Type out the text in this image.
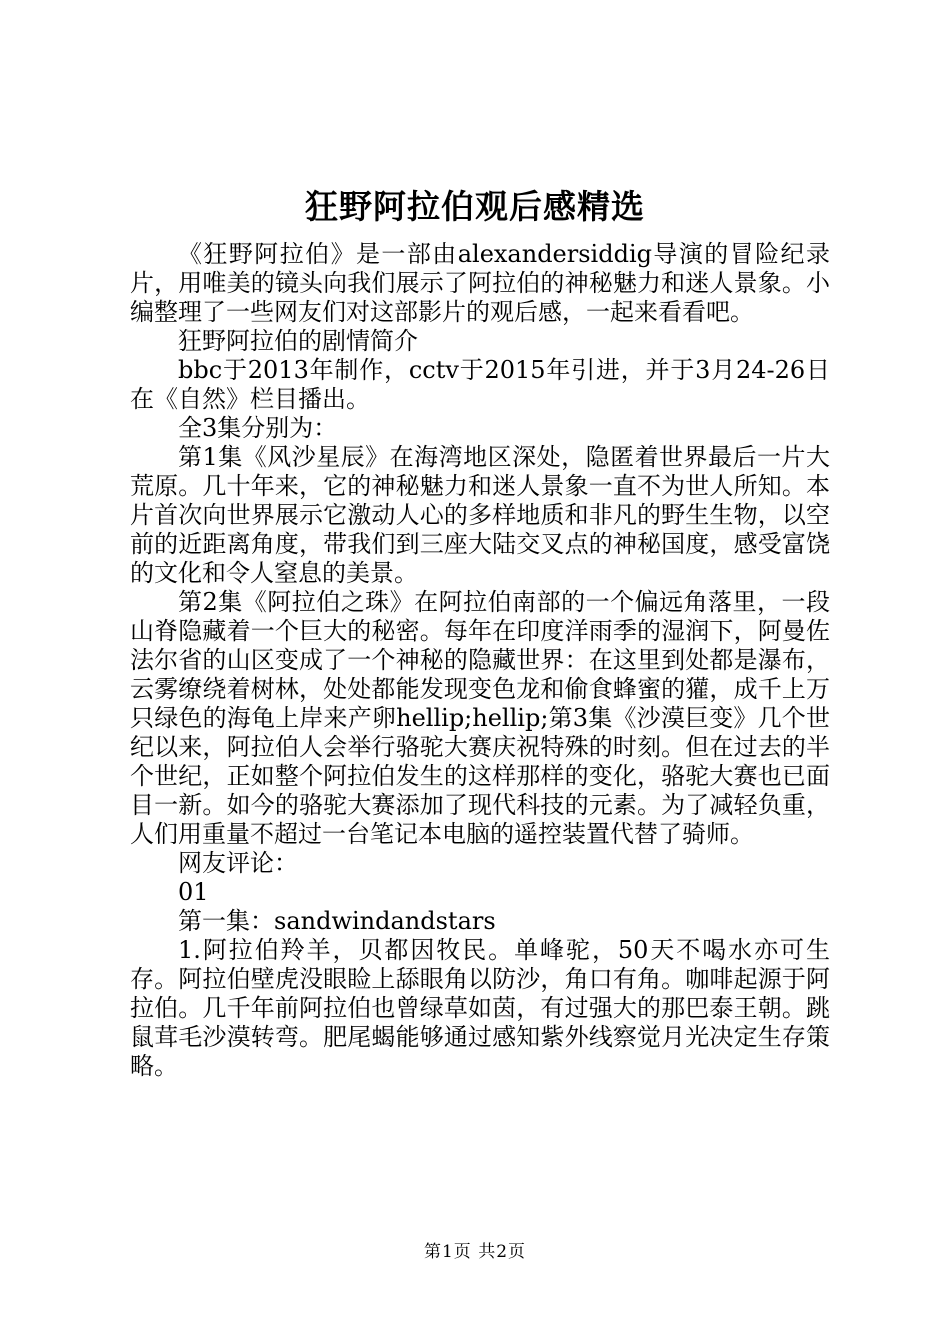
狂野阿拉伯观后感精选

《狂野阿拉伯》是一部由alexandersiddig导演的冒险纪录片，用唯美的镜头向我们展示了阿拉伯的神秘魅力和迷人景象。小编整理了一些网友们对这部影片的观后感，一起来看看吧。

狂野阿拉伯的剧情简介

bbc于2013年制作，cctv于2015年引进，并于3月24-26日在《自然》栏目播出。

全3集分别为：

第1集《风沙星辰》在海湾地区深处，隐匿着世界最后一片大荒原。几十年来，它的神秘魅力和迷人景象一直不为世人所知。本片首次向世界展示它激动人心的多样地质和非凡的野生生物，以空前的近距离角度，带我们到三座大陆交叉点的神秘国度，感受富饶的文化和令人窒息的美景。

第2集《阿拉伯之珠》在阿拉伯南部的一个偏远角落里，一段山脊隐藏着一个巨大的秘密。每年在印度洋雨季的湿润下，阿曼佐法尔省的山区变成了一个神秘的隐藏世界：在这里到处都是瀑布，云雾缭绕着树林，处处都能发现变色龙和偷食蜂蜜的獾，成千上万只绿色的海龟上岸来产卵hellip;hellip;第3集《沙漠巨变》几个世纪以来，阿拉伯人会举行骆驼大赛庆祝特殊的时刻。但在过去的半个世纪，正如整个阿拉伯发生的这样那样的变化，骆驼大赛也已面目一新。如今的骆驼大赛添加了现代科技的元素。为了减轻负重，人们用重量不超过一台笔记本电脑的遥控装置代替了骑师。

网友评论：

01

第一集：sandwindandstars

1.阿拉伯羚羊，贝都因牧民。单峰驼，50天不喝水亦可生存。阿拉伯壁虎没眼睑上舔眼角以防沙，角口有角。咖啡起源于阿拉伯。几千年前阿拉伯也曾绿草如茵，有过强大的那巴泰王朝。跳鼠茸毛沙漠转弯。肥尾蝎能够通过感知紫外线察觉月光决定生存策略。

第1页 共2页
